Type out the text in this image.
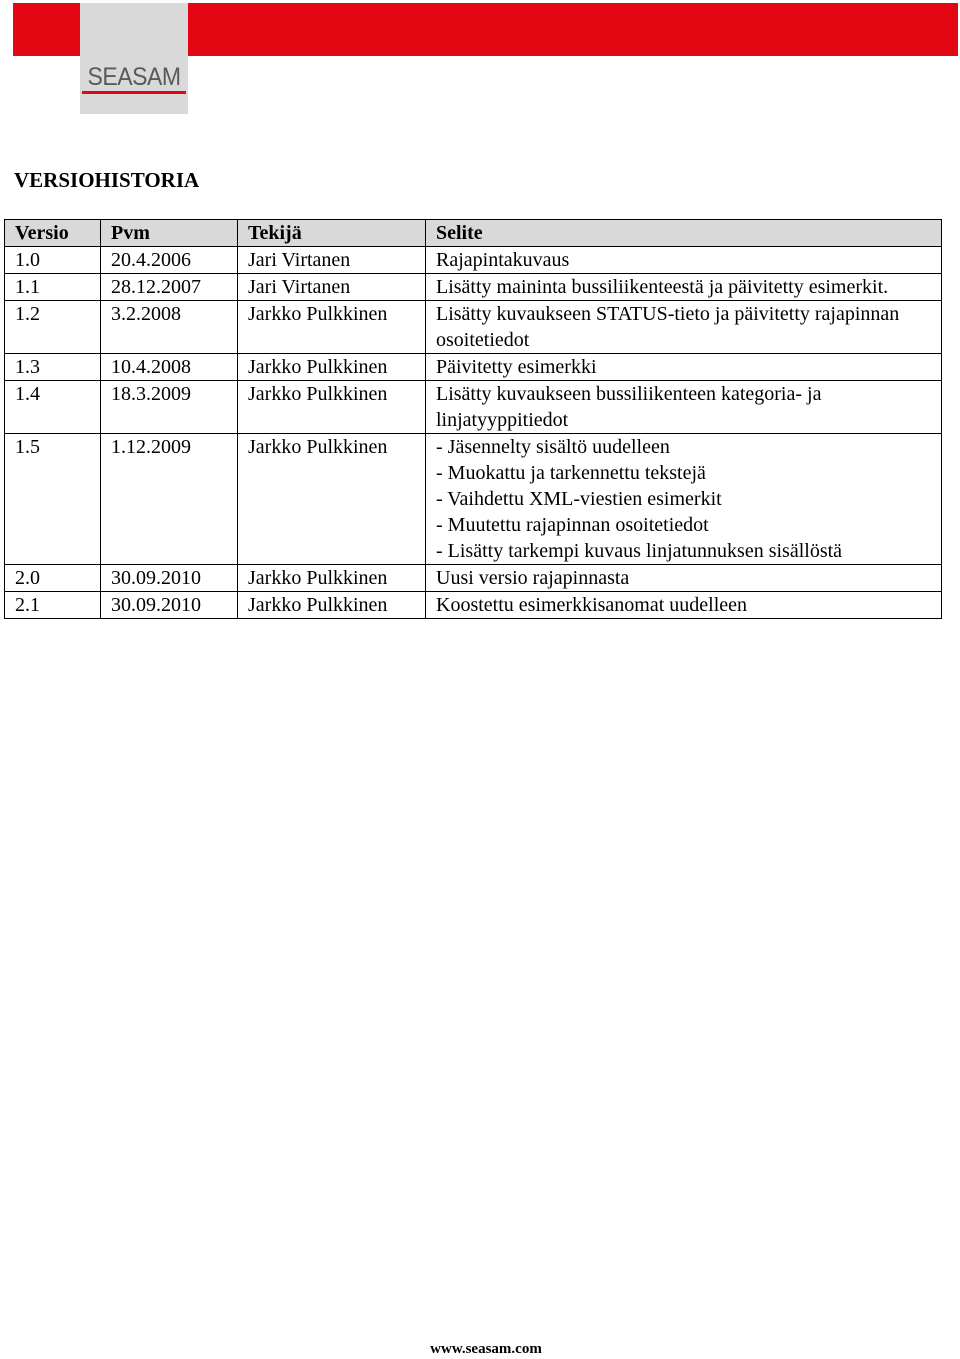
SEASAM
VERSIOHISTORIA
Versio	Pvm	Tekijä	Selite
1.0	20.4.2006	Jari Virtanen	Rajapintakuvaus

1.1	28.12.2007	Jari Virtanen	Lisätty maininta bussiliikenteestä ja päivitetty esimerkit.

1.2	3.2.2008	Jarkko Pulkkinen	Lisätty kuvaukseen STATUS-tieto ja päivitetty rajapinnan osoitetiedot

1.3	10.4.2008	Jarkko Pulkkinen	Päivitetty esimerkki

1.4	18.3.2009	Jarkko Pulkkinen	Lisätty kuvaukseen bussiliikenteen kategoria- ja linjatyyppitiedot

1.5	1.12.2009	Jarkko Pulkkinen	- Jäsennelty sisältö uudelleen
- Muokattu ja tarkennettu tekstejä
- Vaihdettu XML-viestien esimerkit
- Muutettu rajapinnan osoitetiedot
- Lisätty tarkempi kuvaus linjatunnuksen sisällöstä

2.0	30.09.2010	Jarkko Pulkkinen	Uusi versio rajapinnasta

2.1	30.09.2010	Jarkko Pulkkinen	Koostettu esimerkkisanomat uudelleen
www.seasam.com
